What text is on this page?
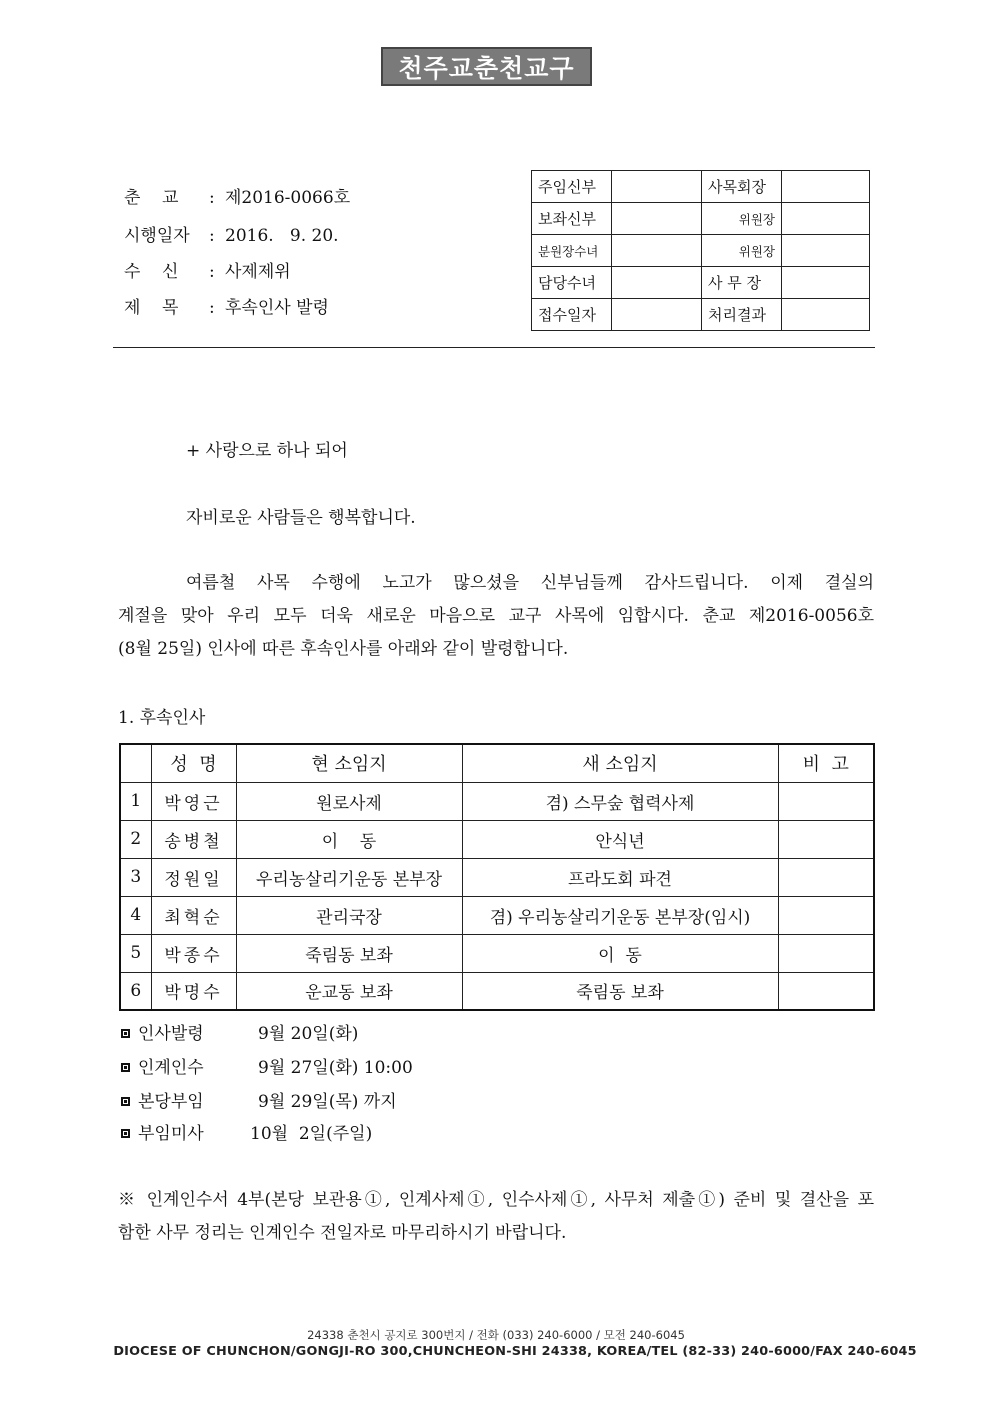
천주교춘천교구
춘    교 : 제2016-0066호
시행일자 : 2016.   9. 20.
수    신 : 사제제위
제    목 : 후속인사 발령
주임신부		사목회장	
보좌신부		위원장	
분원장수녀		위원장	
담당수녀		사 무 장	
접수일자		처리결과	
+ 사랑으로 하나 되어
자비로운 사람들은 행복합니다.
여름철 사목 수행에 노고가 많으셨을 신부님들께 감사드립니다. 이제 결실의
계절을 맞아 우리 모두 더욱 새로운 마음으로 교구 사목에 임합시다. 춘교 제2016-0056호
(8월 25일) 인사에 따른 후속인사를 아래와 같이 발령합니다.
1. 후속인사
	성  명	현 소임지	새 소임지	비  고
1	박영근	원로사제	겸) 스무숲 협력사제	
2	송병철	이    동	안식년	
3	정원일	우리농살리기운동 본부장	프라도회 파견	
4	최혁순	관리국장	겸) 우리농살리기운동 본부장(임시)	
5	박종수	죽림동 보좌	이  동	
6	박명수	운교동 보좌	죽림동 보좌	
인사발령	9월 20일(화)
인계인수	9월 27일(화) 10:00
본당부임	9월 29일(목) 까지
부임미사	10월  2일(주일)
※ 인계인수서 4부(본당 보관용①, 인계사제①, 인수사제①, 사무처 제출①) 준비 및 결산을 포
함한 사무 정리는 인계인수 전일자로 마무리하시기 바랍니다.
24338 춘천시 공지로 300번지 / 전화 (033) 240-6000 / 모전 240-6045
DIOCESE OF CHUNCHON/GONGJI-RO 300,CHUNCHEON-SHI 24338, KOREA/TEL (82-33) 240-6000/FAX 240-6045
